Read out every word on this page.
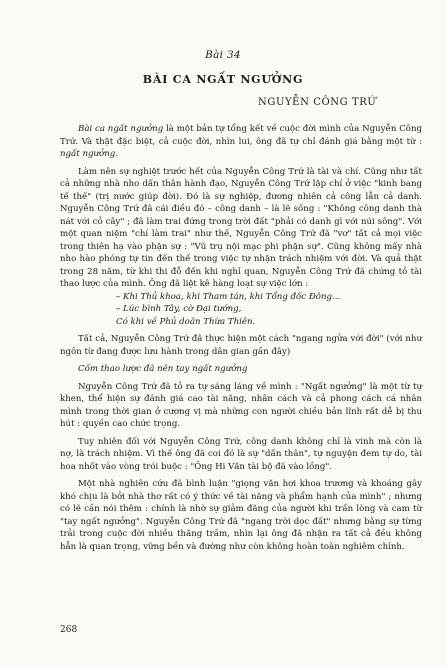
Bài 34
BÀI CA NGẤT NGƯỞNG
NGUYỄN CÔNG TRỨ

Bài ca ngất ngưởng là một bản tự tổng kết về cuộc đời mình của Nguyễn Công Trứ. Và thật đặc biệt, cả cuộc đời, nhìn lui, ông đã tự chỉ đánh giá bằng một từ : ngất ngưởng.

Làm nên sự nghiệt trước hết của Nguyễn Công Trứ là tài và chí. Cũng như tất cả những nhà nho dấn thân hành đạo, Nguyễn Công Trứ lập chí ở việc "kinh bang tế thế" (trị nước giúp đời). Đó là sự nghiệp, đương nhiên cả công lẫn cả danh. Nguyễn Công Trứ đã cái điều đó – công danh – là lẽ sống : "Không công danh thà nát với cỏ cây" ; đã làm trai đứng trong trời đất "phải có danh gì với núi sông". Với một quan niệm "chí làm trai" như thế, Nguyễn Công Trứ đã "vơ" tất cả mọi việc trong thiên hạ vào phận sự : "Vũ trụ nội mạc phi phận sự". Cũng không mấy nhà nho hào phóng tự tin đến thế trong việc tự nhận trách nhiệm với đời. Và quả thật trong 28 năm, từ khi thi đỗ đến khi nghỉ quan, Nguyễn Công Trứ đã chứng tỏ tài thao lược của mình. Ông đã liệt kê hàng loạt sự việc lớn :

– Khi Thủ khoa, khi Tham tán, khi Tổng đốc Đông...
– Lúc bình Tây, cờ Đại tướng,
Có khi về Phủ doãn Thừa Thiên.

Tất cả, Nguyễn Công Trứ đã thực hiện một cách "ngang ngửa với đời" (với như ngôn từ đang được lưu hành trong dân gian gần đây)

Cốm thao lược đã nên tay ngất ngưởng

Nguyễn Công Trứ đã tỏ ra tự sáng láng về mình : "Ngất ngưởng" là một từ tự khen, thể hiện sự đánh giá cao tài năng, nhân cách và cả phong cách cá nhân mình trong thời gian ở cương vị mà những con người chiều bản lĩnh rất dễ bị thu hút : quyền cao chức trọng.

Tuy nhiên đối với Nguyễn Công Trứ, công danh không chỉ là vinh mà còn là nợ, là trách nhiệm. Vì thế ông đã coi đó là sự "dấn thân", tự nguyện đem tự do, tài hoa nhốt vào vòng trói buộc : "Ông Hi Văn tài bộ đã vào lồng".

Một nhà nghiên cứu đã bình luận "giọng văn hơi khoa trương và khoáng gây khó chịu là bởi nhà thơ rất có ý thức về tài năng và phẩm hạnh của mình" ; nhưng có lẽ cần nói thêm : chính là nhờ sự giảm đăng của người khi trấn lòng và cam từ "tay ngất ngưởng". Nguyễn Công Trứ đã "ngang trời dọc đất" nhưng bằng sự từng trải trong cuộc đời nhiều thăng trầm, nhìn lại ông đã nhận ra tất cả đều không hẳn là quan trọng, vững bền và đường như còn không hoàn toàn nghiêm chỉnh.

268
